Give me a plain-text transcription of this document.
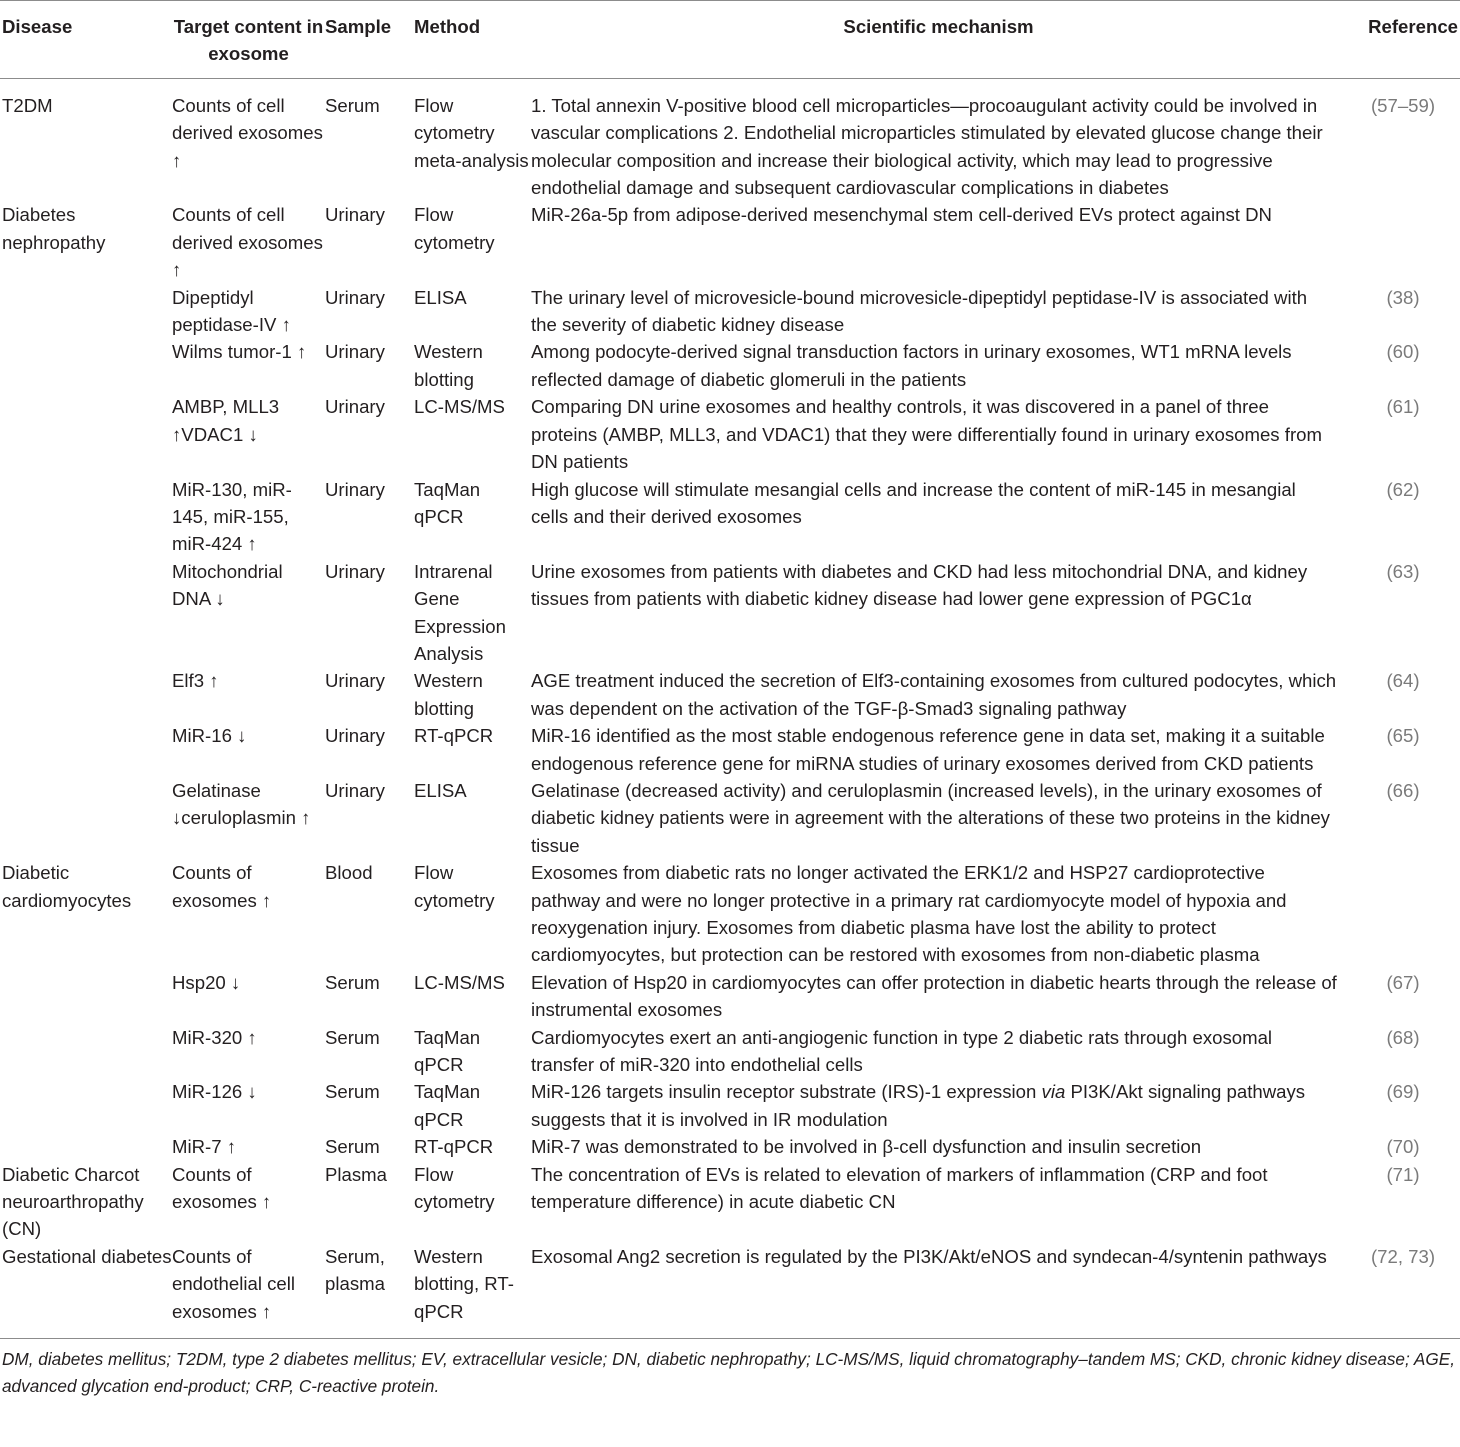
Disease	Target content in exosome	Sample	Method	Scientific mechanism	Reference
T2DM	Counts of cell derived exosomes ↑	Serum	Flow cytometry meta-analysis	1. Total annexin V-positive blood cell microparticles—procoaugulant activity could be involved in vascular complications 2. Endothelial microparticles stimulated by elevated glucose change their molecular composition and increase their biological activity, which may lead to progressive endothelial damage and subsequent cardiovascular complications in diabetes	(57–59)
Diabetes nephropathy	Counts of cell derived exosomes ↑	Urinary	Flow cytometry	MiR-26a-5p from adipose-derived mesenchymal stem cell-derived EVs protect against DN	
	Dipeptidyl peptidase-IV ↑	Urinary	ELISA	The urinary level of microvesicle-bound microvesicle-dipeptidyl peptidase-IV is associated with the severity of diabetic kidney disease	(38)
	Wilms tumor-1 ↑	Urinary	Western blotting	Among podocyte-derived signal transduction factors in urinary exosomes, WT1 mRNA levels reflected damage of diabetic glomeruli in the patients	(60)
	AMBP, MLL3 ↑VDAC1 ↓	Urinary	LC-MS/MS	Comparing DN urine exosomes and healthy controls, it was discovered in a panel of three proteins (AMBP, MLL3, and VDAC1) that they were differentially found in urinary exosomes from DN patients	(61)
	MiR-130, miR-145, miR-155, miR-424 ↑	Urinary	TaqMan qPCR	High glucose will stimulate mesangial cells and increase the content of miR-145 in mesangial cells and their derived exosomes	(62)
	Mitochondrial DNA ↓	Urinary	Intrarenal Gene Expression Analysis	Urine exosomes from patients with diabetes and CKD had less mitochondrial DNA, and kidney tissues from patients with diabetic kidney disease had lower gene expression of PGC1α	(63)
	Elf3 ↑	Urinary	Western blotting	AGE treatment induced the secretion of Elf3-containing exosomes from cultured podocytes, which was dependent on the activation of the TGF-β-Smad3 signaling pathway	(64)
	MiR-16 ↓	Urinary	RT-qPCR	MiR-16 identified as the most stable endogenous reference gene in data set, making it a suitable endogenous reference gene for miRNA studies of urinary exosomes derived from CKD patients	(65)
	Gelatinase ↓ceruloplasmin ↑	Urinary	ELISA	Gelatinase (decreased activity) and ceruloplasmin (increased levels), in the urinary exosomes of diabetic kidney patients were in agreement with the alterations of these two proteins in the kidney tissue	(66)
Diabetic cardiomyocytes	Counts of exosomes ↑	Blood	Flow cytometry	Exosomes from diabetic rats no longer activated the ERK1/2 and HSP27 cardioprotective pathway and were no longer protective in a primary rat cardiomyocyte model of hypoxia and reoxygenation injury. Exosomes from diabetic plasma have lost the ability to protect cardiomyocytes, but protection can be restored with exosomes from non-diabetic plasma	
	Hsp20 ↓	Serum	LC-MS/MS	Elevation of Hsp20 in cardiomyocytes can offer protection in diabetic hearts through the release of instrumental exosomes	(67)
	MiR-320 ↑	Serum	TaqMan qPCR	Cardiomyocytes exert an anti-angiogenic function in type 2 diabetic rats through exosomal transfer of miR-320 into endothelial cells	(68)
	MiR-126 ↓	Serum	TaqMan qPCR	MiR-126 targets insulin receptor substrate (IRS)-1 expression via PI3K/Akt signaling pathways suggests that it is involved in IR modulation	(69)
	MiR-7 ↑	Serum	RT-qPCR	MiR-7 was demonstrated to be involved in β-cell dysfunction and insulin secretion	(70)
Diabetic Charcot neuroarthropathy (CN)	Counts of exosomes ↑	Plasma	Flow cytometry	The concentration of EVs is related to elevation of markers of inflammation (CRP and foot temperature difference) in acute diabetic CN	(71)
Gestational diabetes	Counts of endothelial cell exosomes ↑	Serum, plasma	Western blotting, RT-qPCR	Exosomal Ang2 secretion is regulated by the PI3K/Akt/eNOS and syndecan-4/syntenin pathways	(72, 73)
DM, diabetes mellitus; T2DM, type 2 diabetes mellitus; EV, extracellular vesicle; DN, diabetic nephropathy; LC-MS/MS, liquid chromatography–tandem MS; CKD, chronic kidney disease; AGE, advanced glycation end-product; CRP, C-reactive protein.
